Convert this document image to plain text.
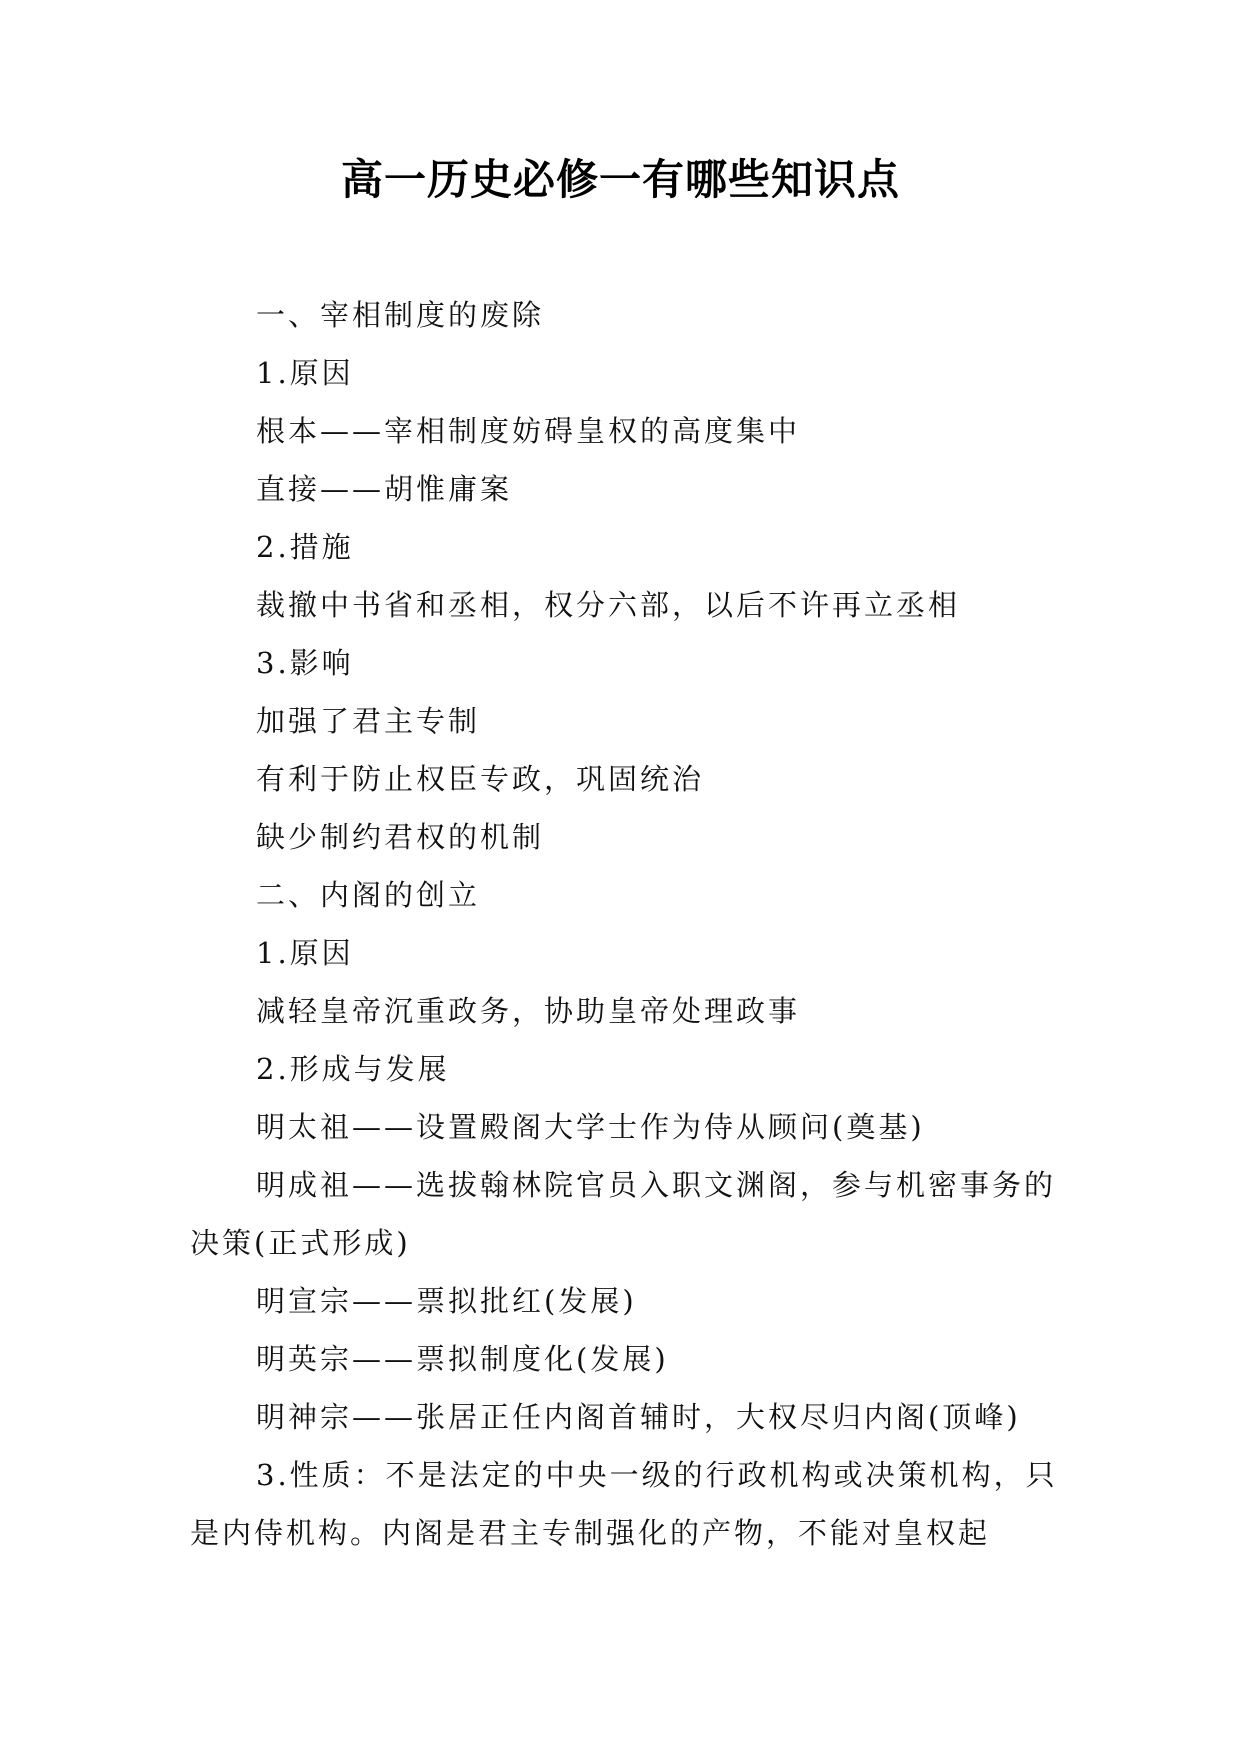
高一历史必修一有哪些知识点

一、宰相制度的废除

1.原因

根本——宰相制度妨碍皇权的高度集中

直接——胡惟庸案

2.措施

裁撤中书省和丞相，权分六部，以后不许再立丞相

3.影响

加强了君主专制

有利于防止权臣专政，巩固统治

缺少制约君权的机制

二、内阁的创立

1.原因

减轻皇帝沉重政务，协助皇帝处理政事

2.形成与发展

明太祖——设置殿阁大学士作为侍从顾问(奠基)

明成祖——选拔翰林院官员入职文渊阁，参与机密事务的决策(正式形成)

明宣宗——票拟批红(发展)

明英宗——票拟制度化(发展)

明神宗——张居正任内阁首辅时，大权尽归内阁(顶峰)

3.性质：不是法定的中央一级的行政机构或决策机构，只是内侍机构。内阁是君主专制强化的产物，不能对皇权起
